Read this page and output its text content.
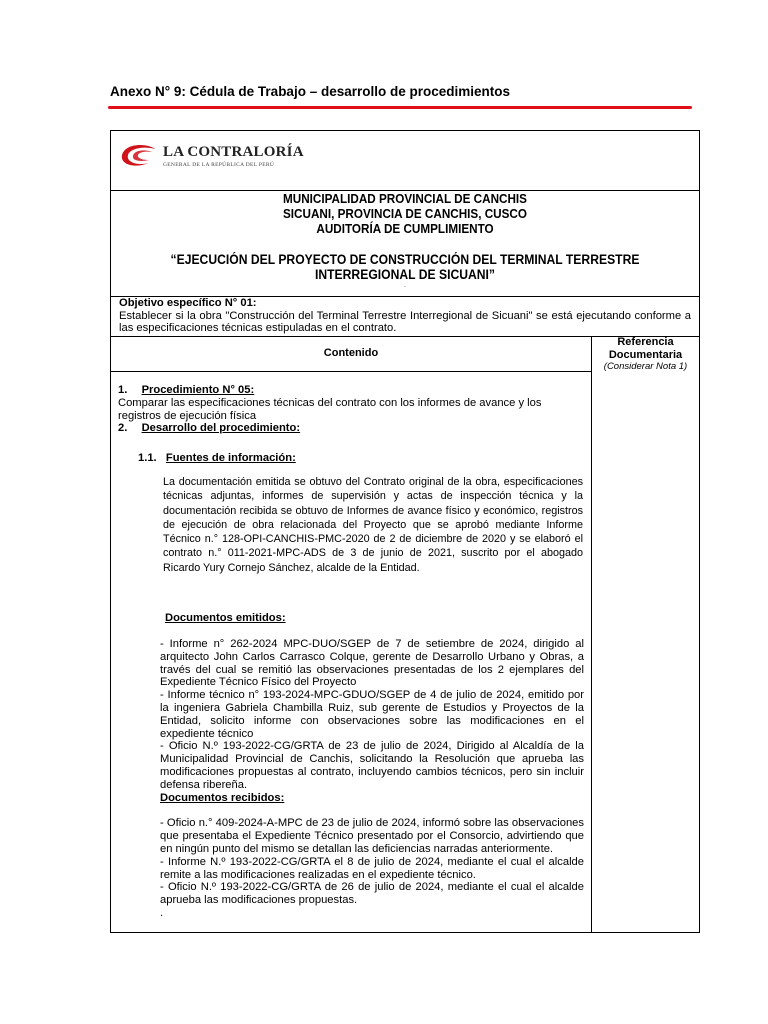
Anexo N° 9: Cédula de Trabajo – desarrollo de procedimientos
LA CONTRALORÍA
GENERAL DE LA REPÚBLICA DEL PERÚ
MUNICIPALIDAD PROVINCIAL DE CANCHIS
SICUANI, PROVINCIA DE CANCHIS, CUSCO
AUDITORÍA DE CUMPLIMIENTO
“EJECUCIÓN DEL PROYECTO DE CONSTRUCCIÓN DEL TERMINAL TERRESTRE
INTERREGIONAL DE SICUANI”
.
Objetivo específico N° 01:
Establecer si la obra "Construcción del Terminal Terrestre Interregional de Sicuani" se está ejecutando conforme a las especificaciones técnicas estipuladas en el contrato.
Contenido
Referencia
Documentaria
(Considerar Nota 1)
1. Procedimiento N° 05:
Comparar las especificaciones técnicas del contrato con los informes de avance y los registros de ejecución física
2. Desarrollo del procedimiento:
1.1. Fuentes de información:
La documentación emitida se obtuvo del Contrato original de la obra, especificaciones técnicas adjuntas, informes de supervisión y actas de inspección técnica y la documentación recibida se obtuvo de Informes de avance físico y económico, registros de ejecución de obra relacionada del Proyecto que se aprobó mediante Informe Técnico n.° 128-OPI-CANCHIS-PMC-2020 de 2 de diciembre de 2020 y se elaboró el contrato n.° 011-2021-MPC-ADS de 3 de junio de 2021, suscrito por el abogado Ricardo Yury Cornejo Sánchez, alcalde de la Entidad.
Documentos emitidos:
- Informe n° 262-2024 MPC-DUO/SGEP de 7 de setiembre de 2024, dirigido al arquitecto John Carlos Carrasco Colque, gerente de Desarrollo Urbano y Obras, a través del cual se remitió las observaciones presentadas de los 2 ejemplares del Expediente Técnico Físico del Proyecto
- Informe técnico n° 193-2024-MPC-GDUO/SGEP de 4 de julio de 2024, emitido por la ingeniera Gabriela Chambilla Ruiz, sub gerente de Estudios y Proyectos de la Entidad, solicito informe con observaciones sobre las modificaciones en el expediente técnico
- Oficio N.º 193-2022-CG/GRTA de 23 de julio de 2024, Dirigido al Alcaldía de la Municipalidad Provincial de Canchis, solicitando la Resolución que aprueba las modificaciones propuestas al contrato, incluyendo cambios técnicos, pero sin incluir defensa ribereña.
Documentos recibidos:
- Oficio n.° 409-2024-A-MPC de 23 de julio de 2024, informó sobre las observaciones que presentaba el Expediente Técnico presentado por el Consorcio, advirtiendo que en ningún punto del mismo se detallan las deficiencias narradas anteriormente.
- Informe N.º 193-2022-CG/GRTA el 8 de julio de 2024, mediante el cual el alcalde remite a las modificaciones realizadas en el expediente técnico.
- Oficio N.º 193-2022-CG/GRTA de 26 de julio de 2024, mediante el cual el alcalde aprueba las modificaciones propuestas.
.
